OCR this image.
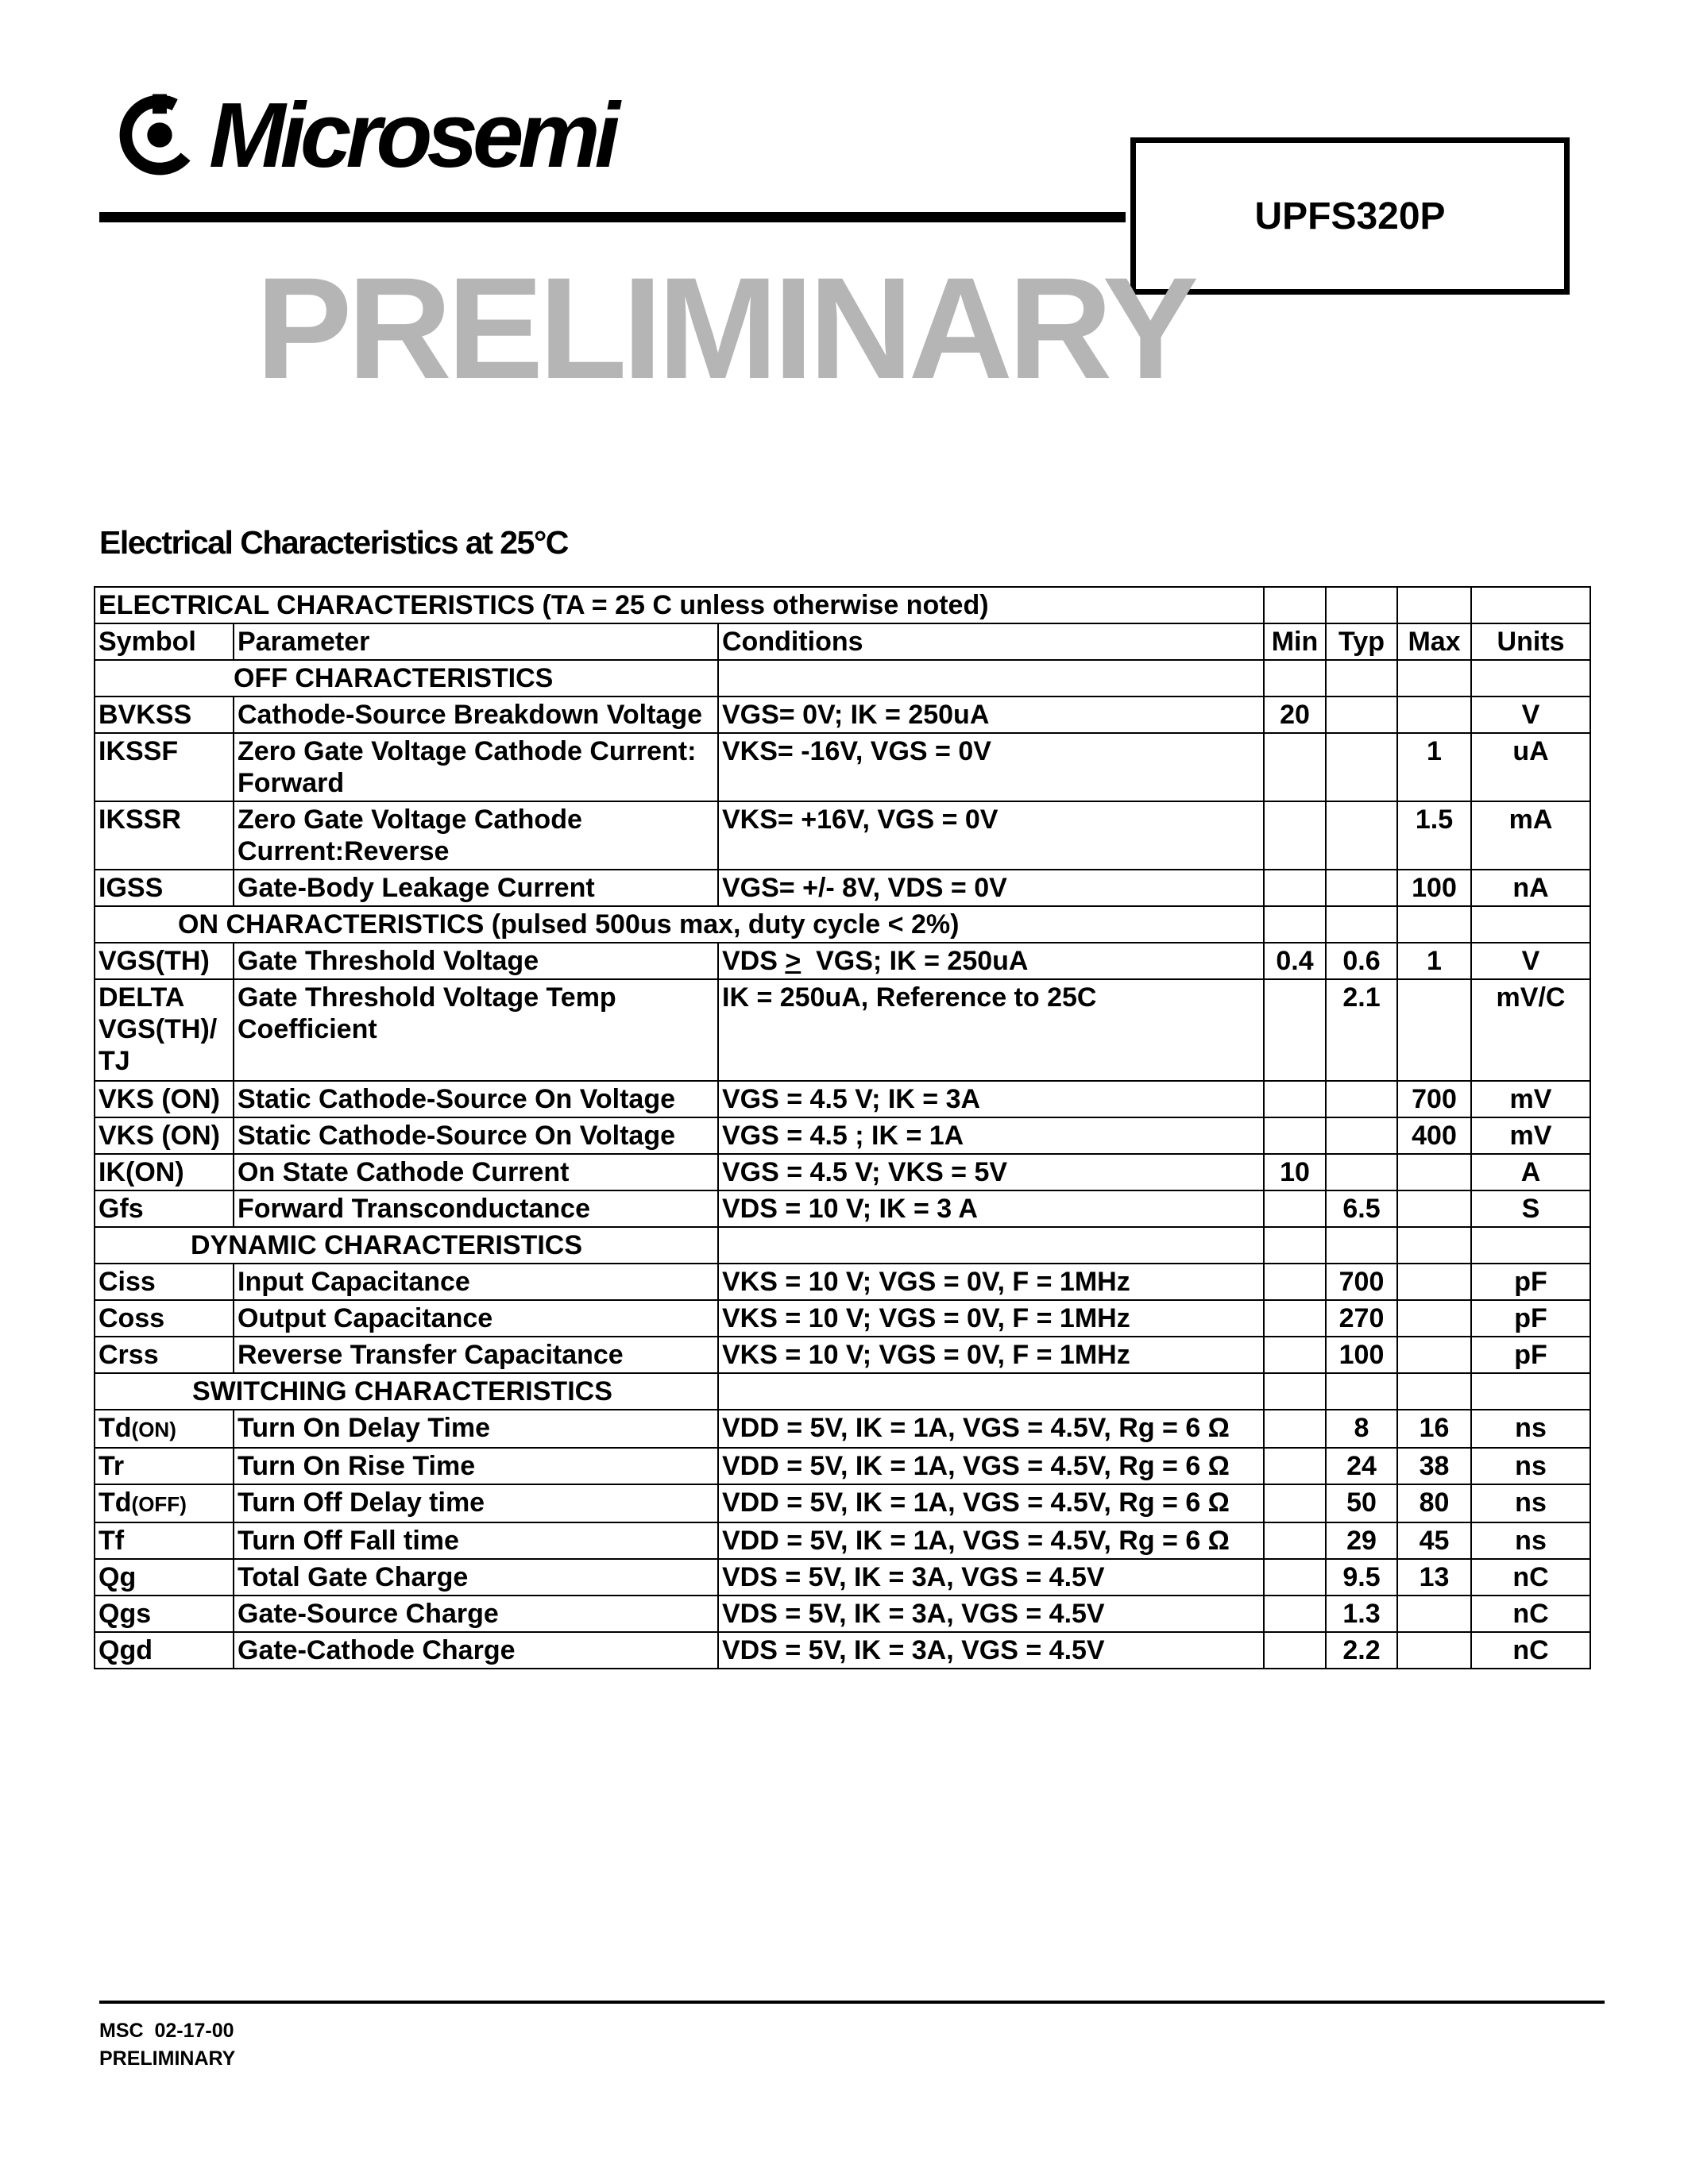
Microsemi
UPFS320P
PRELIMINARY
Electrical Characteristics at 25°C
ELECTRICAL CHARACTERISTICS (TA = 25 C unless otherwise noted)						
Symbol	Parameter	Conditions	Min	Typ	Max	Units
OFF CHARACTERISTICS						
BVKSS	Cathode-Source Breakdown Voltage	VGS= 0V; IK = 250uA	20			V
IKSSF	Zero Gate Voltage Cathode Current: Forward	VKS= -16V, VGS = 0V			1	uA
IKSSR	Zero Gate Voltage Cathode Current:Reverse	VKS= +16V, VGS = 0V			1.5	mA
IGSS	Gate-Body Leakage Current	VGS= +/- 8V, VDS = 0V			100	nA
ON CHARACTERISTICS (pulsed 500us max, duty cycle < 2%)						
VGS(TH)	Gate Threshold Voltage	VDS >  VGS; IK = 250uA	0.4	0.6	1	V
DELTA VGS(TH)/ TJ	Gate Threshold Voltage Temp Coefficient	IK = 250uA, Reference to 25C		2.1		mV/C
VKS (ON)	Static Cathode-Source On Voltage	VGS = 4.5 V; IK = 3A			700	mV
VKS (ON)	Static Cathode-Source On Voltage	VGS = 4.5 ; IK = 1A			400	mV
IK(ON)	On State Cathode Current	VGS = 4.5 V; VKS = 5V	10			A
Gfs	Forward Transconductance	VDS = 10 V; IK = 3 A		6.5		S
DYNAMIC CHARACTERISTICS						
Ciss	Input Capacitance	VKS = 10 V; VGS = 0V, F = 1MHz		700		pF
Coss	Output Capacitance	VKS = 10 V; VGS = 0V, F = 1MHz		270		pF
Crss	Reverse Transfer Capacitance	VKS = 10 V; VGS = 0V, F = 1MHz		100		pF
SWITCHING CHARACTERISTICS						
Td(ON)	Turn On Delay Time	VDD = 5V, IK = 1A, VGS = 4.5V, Rg = 6 Ω		8	16	ns
Tr	Turn On Rise Time	VDD = 5V, IK = 1A, VGS = 4.5V, Rg = 6 Ω		24	38	ns
Td(OFF)	Turn Off Delay time	VDD = 5V, IK = 1A, VGS = 4.5V, Rg = 6 Ω		50	80	ns
Tf	Turn Off Fall time	VDD = 5V, IK = 1A, VGS = 4.5V, Rg = 6 Ω		29	45	ns
Qg	Total Gate Charge	VDS = 5V, IK = 3A, VGS = 4.5V		9.5	13	nC
Qgs	Gate-Source Charge	VDS = 5V, IK = 3A, VGS = 4.5V		1.3		nC
Qgd	Gate-Cathode Charge	VDS = 5V, IK = 3A, VGS = 4.5V		2.2		nC
MSC  02-17-00
PRELIMINARY
